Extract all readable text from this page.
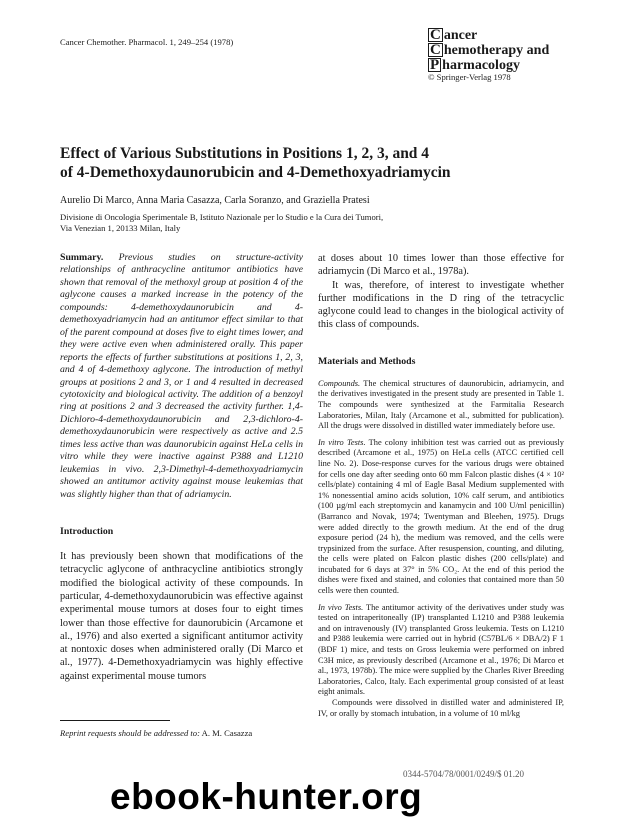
Cancer Chemother. Pharmacol. 1, 249–254 (1978)	C ancer
C hemotherapy and
P harmacology
© Springer-Verlag 1978
Effect of Various Substitutions in Positions 1, 2, 3, and 4
of 4-Demethoxydaunorubicin and 4-Demethoxyadriamycin
Aurelio Di Marco, Anna Maria Casazza, Carla Soranzo, and Graziella Pratesi
Divisione di Oncologia Sperimentale B, Istituto Nazionale per lo Studio e la Cura dei Tumori,
Via Venezian 1, 20133 Milan, Italy

Summary. Previous studies on structure-activity relationships of anthracycline antitumor antibiotics have shown that removal of the methoxyl group at position 4 of the aglycone causes a marked increase in the potency of the compounds: 4-demethoxydaunorubicin and 4-demethoxyadriamycin had an antitumor effect similar to that of the parent compound at doses five to eight times lower, and they were active even when administered orally. This paper reports the effects of further substitutions at positions 1, 2, 3, and 4 of 4-demethoxy aglycone. The introduction of methyl groups at positions 2 and 3, or 1 and 4 resulted in decreased cytotoxicity and biological activity. The addition of a benzoyl ring at positions 2 and 3 decreased the activity further. 1,4-Dichloro-4-demethoxydaunorubicin and 2,3-dichloro-4-demethoxydaunorubicin were respectively as active and 2.5 times less active than was daunorubicin against HeLa cells in vitro while they were inactive against P388 and L1210 leukemias in vivo. 2,3-Dimethyl-4-demethoxyadriamycin showed an antitumor activity against mouse leukemias that was slightly higher than that of adriamycin.

Introduction

It has previously been shown that modifications of the tetracyclic aglycone of anthracycline antibiotics strongly modified the biological activity of these compounds. In particular, 4-demethoxydaunorubicin was effective against experimental mouse tumors at doses four to eight times lower than those effective for daunorubicin (Arcamone et al., 1976) and also exerted a significant antitumor activity at nontoxic doses when administered orally (Di Marco et al., 1977). 4-Demethoxyadriamycin was highly effective against experimental mouse tumors

at doses about 10 times lower than those effective for adriamycin (Di Marco et al., 1978a).

It was, therefore, of interest to investigate whether further modifications in the D ring of the tetracyclic aglycone could lead to changes in the biological activity of this class of compounds.

Materials and Methods

Compounds. The chemical structures of daunorubicin, adriamycin, and the derivatives investigated in the present study are presented in Table 1. The compounds were synthesized at the Farmitalia Research Laboratories, Milan, Italy (Arcamone et al., submitted for publication). All the drugs were dissolved in distilled water immediately before use.

In vitro Tests. The colony inhibition test was carried out as previously described (Arcamone et al., 1975) on HeLa cells (ATCC certified cell line No. 2). Dose-response curves for the various drugs were obtained for cells one day after seeding onto 60 mm Falcon plastic dishes (4 × 10² cells/plate) containing 4 ml of Eagle Basal Medium supplemented with 1% nonessential amino acids solution, 10% calf serum, and antibiotics (100 µg/ml each streptomycin and kanamycin and 100 U/ml penicillin) (Barranco and Novak, 1974; Twentyman and Bleehen, 1975). Drugs were added directly to the growth medium. At the end of the drug exposure period (24 h), the medium was removed, and the cells were trypsinized from the surface. After resuspension, counting, and diluting, the cells were plated on Falcon plastic dishes (200 cells/plate) and incubated for 6 days at 37° in 5% CO₂. At the end of this period the dishes were fixed and stained, and colonies that contained more than 50 cells were then counted.

In vivo Tests. The antitumor activity of the derivatives under study was tested on intraperitoneally (IP) transplanted L1210 and P388 leukemia and on intravenously (IV) transplanted Gross leukemia. Tests on L1210 and P388 leukemia were carried out in hybrid (C57BL/6 × DBA/2) F 1 (BDF 1) mice, and tests on Gross leukemia were performed on inbred C3H mice, as previously described (Arcamone et al., 1976; Di Marco et al., 1973, 1978b). The mice were supplied by the Charles River Breeding Laboratories, Calco, Italy. Each experimental group consisted of at least eight animals.

Compounds were dissolved in distilled water and administered IP, IV, or orally by stomach intubation, in a volume of 10 ml/kg

Reprint requests should be addressed to: A. M. Casazza
0344-5704/78/0001/0249/$ 01.20
ebook-hunter.org
